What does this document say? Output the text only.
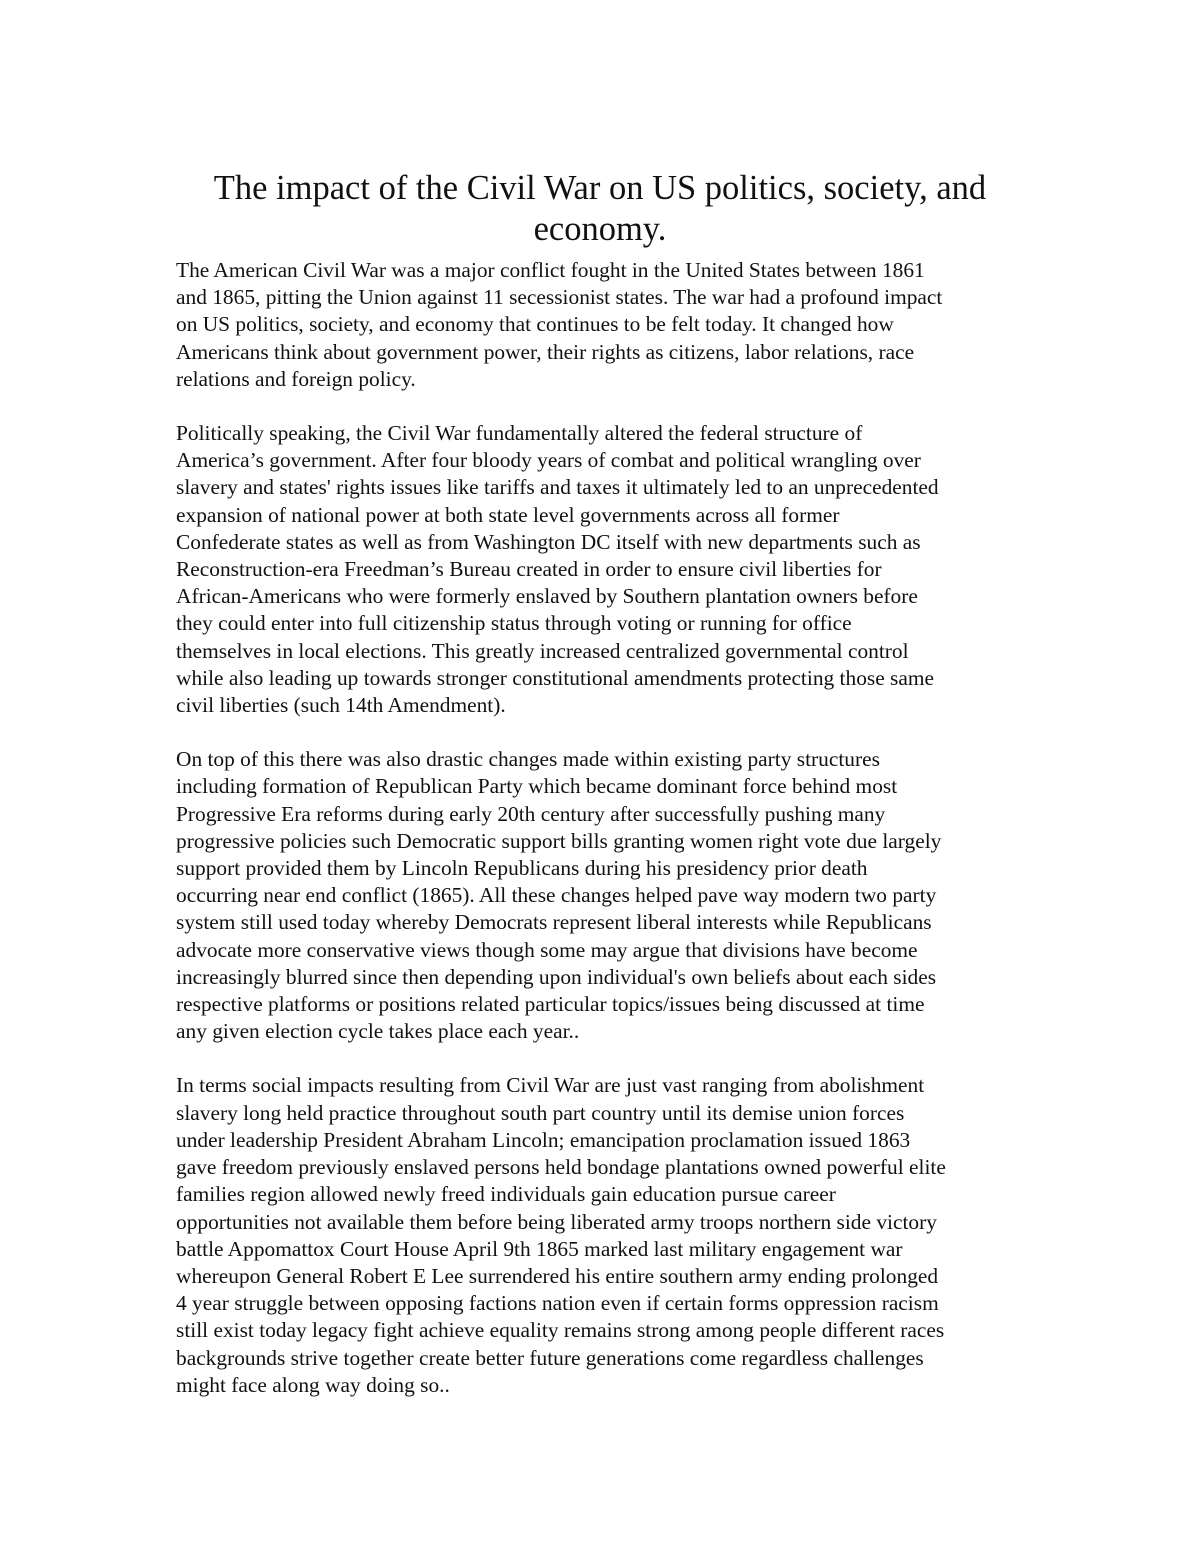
The impact of the Civil War on US politics, society, and
economy.

The American Civil War was a major conflict fought in the United States between 1861
and 1865, pitting the Union against 11 secessionist states. The war had a profound impact
on US politics, society, and economy that continues to be felt today. It changed how
Americans think about government power, their rights as citizens, labor relations, race
relations and foreign policy.

Politically speaking, the Civil War fundamentally altered the federal structure of
America’s government. After four bloody years of combat and political wrangling over
slavery and states' rights issues like tariffs and taxes it ultimately led to an unprecedented
expansion of national power at both state level governments across all former
Confederate states as well as from Washington DC itself with new departments such as
Reconstruction-era Freedman’s Bureau created in order to ensure civil liberties for
African-Americans who were formerly enslaved by Southern plantation owners before
they could enter into full citizenship status through voting or running for office
themselves in local elections. This greatly increased centralized governmental control
while also leading up towards stronger constitutional amendments protecting those same
civil liberties (such 14th Amendment).

On top of this there was also drastic changes made within existing party structures
including formation of Republican Party which became dominant force behind most
Progressive Era reforms during early 20th century after successfully pushing many
progressive policies such Democratic support bills granting women right vote due largely
support provided them by Lincoln Republicans during his presidency prior death
occurring near end conflict (1865). All these changes helped pave way modern two party
system still used today whereby Democrats represent liberal interests while Republicans
advocate more conservative views though some may argue that divisions have become
increasingly blurred since then depending upon individual's own beliefs about each sides
respective platforms or positions related particular topics/issues being discussed at time
any given election cycle takes place each year..

In terms social impacts resulting from Civil War are just vast ranging from abolishment
slavery long held practice throughout south part country until its demise union forces
under leadership President Abraham Lincoln; emancipation proclamation issued 1863
gave freedom previously enslaved persons held bondage plantations owned powerful elite
families region allowed newly freed individuals gain education pursue career
opportunities not available them before being liberated army troops northern side victory
battle Appomattox Court House April 9th 1865 marked last military engagement war
whereupon General Robert E Lee surrendered his entire southern army ending prolonged
4 year struggle between opposing factions nation even if certain forms oppression racism
still exist today legacy fight achieve equality remains strong among people different races
backgrounds strive together create better future generations come regardless challenges
might face along way doing so..
